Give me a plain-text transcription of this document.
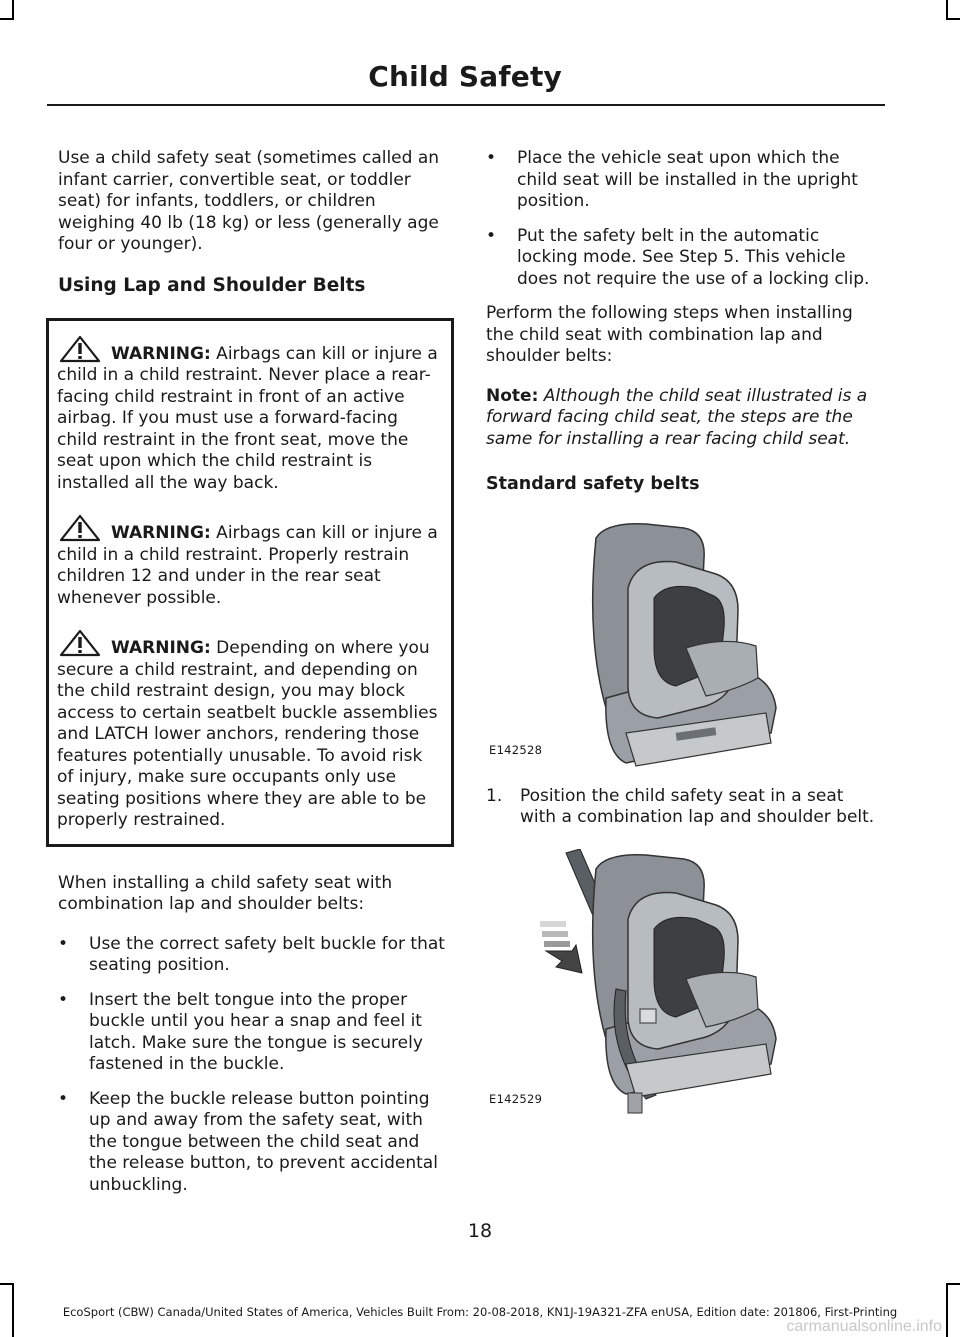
Child Safety

Use a child safety seat (sometimes called an infant carrier, convertible seat, or toddler seat) for infants, toddlers, or children weighing 40 lb (18 kg) or less (generally age four or younger).

Using Lap and Shoulder Belts
WARNING: Airbags can kill or injure a child in a child restraint. Never place a rear-facing child restraint in front of an active airbag. If you must use a forward-facing child restraint in the front seat, move the seat upon which the child restraint is installed all the way back.
WARNING: Airbags can kill or injure a child in a child restraint. Properly restrain children 12 and under in the rear seat whenever possible.
WARNING: Depending on where you secure a child restraint, and depending on the child restraint design, you may block access to certain seatbelt buckle assemblies and LATCH lower anchors, rendering those features potentially unusable. To avoid risk of injury, make sure occupants only use seating positions where they are able to be properly restrained.

When installing a child safety seat with combination lap and shoulder belts:

• Use the correct safety belt buckle for that seating position.
• Insert the belt tongue into the proper buckle until you hear a snap and feel it latch. Make sure the tongue is securely fastened in the buckle.
• Keep the buckle release button pointing up and away from the safety seat, with the tongue between the child seat and the release button, to prevent accidental unbuckling.
• Place the vehicle seat upon which the child seat will be installed in the upright position.
• Put the safety belt in the automatic locking mode. See Step 5. This vehicle does not require the use of a locking clip.

Perform the following steps when installing the child seat with combination lap and shoulder belts:

Note: Although the child seat illustrated is a forward facing child seat, the steps are the same for installing a rear facing child seat.

Standard safety belts
E142528
1. Position the child safety seat in a seat with a combination lap and shoulder belt.
E142529
18
EcoSport (CBW) Canada/United States of America, Vehicles Built From: 20-08-2018, KN1J-19A321-ZFA enUSA, Edition date: 201806, First-Printing
carmanualsonline.info
